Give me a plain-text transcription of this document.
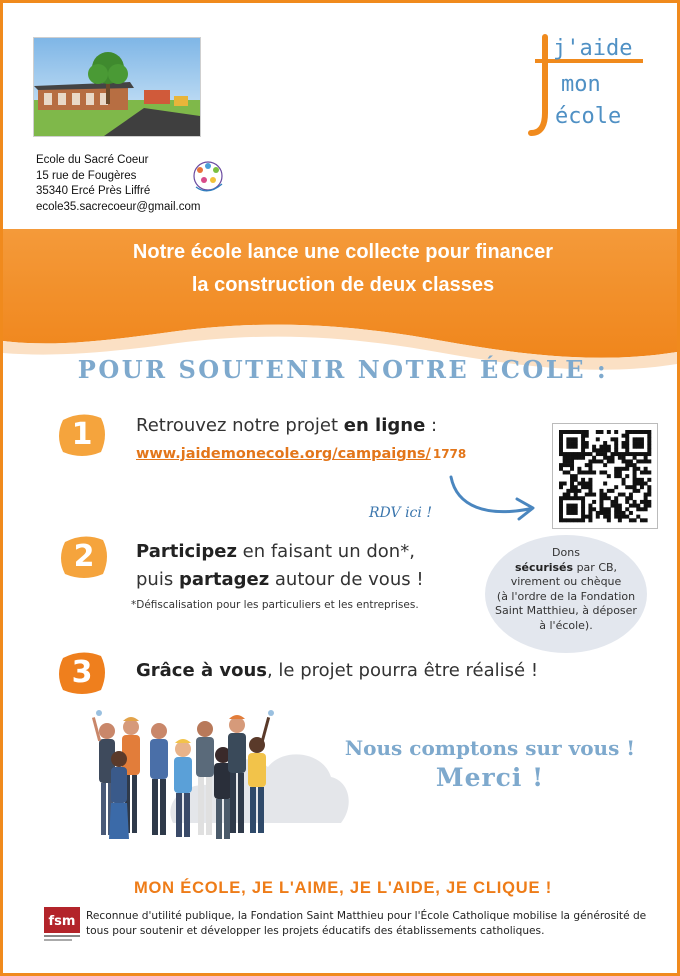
Ecole du Sacré Coeur
15 rue de Fougères
35340 Ercé Près Liffré
ecole35.sacrecoeur@gmail.com
j'aide
mon
école
Notre école lance une collecte pour financer
la construction de deux classes
POUR SOUTENIR NOTRE ÉCOLE :
1	Retrouvez notre projet en ligne :
www.jaidemonecole.org/campaigns/ 1778
RDV ici !
2	Participez en faisant un don*,
puis partagez autour de vous !
*Défiscalisation pour les particuliers et les entreprises.
Dons
sécurisés par CB,
virement ou chèque
(à l'ordre de la Fondation
Saint Matthieu, à déposer
à l'école).
3	Grâce à vous, le projet pourra être réalisé !
Nous comptons sur vous !
Merci !
MON ÉCOLE, JE L'AIME, JE L'AIDE, JE CLIQUE !
fsm Reconnue d'utilité publique, la Fondation Saint Matthieu pour l'École Catholique mobilise la générosité de tous pour soutenir et développer les projets éducatifs des établissements catholiques.
